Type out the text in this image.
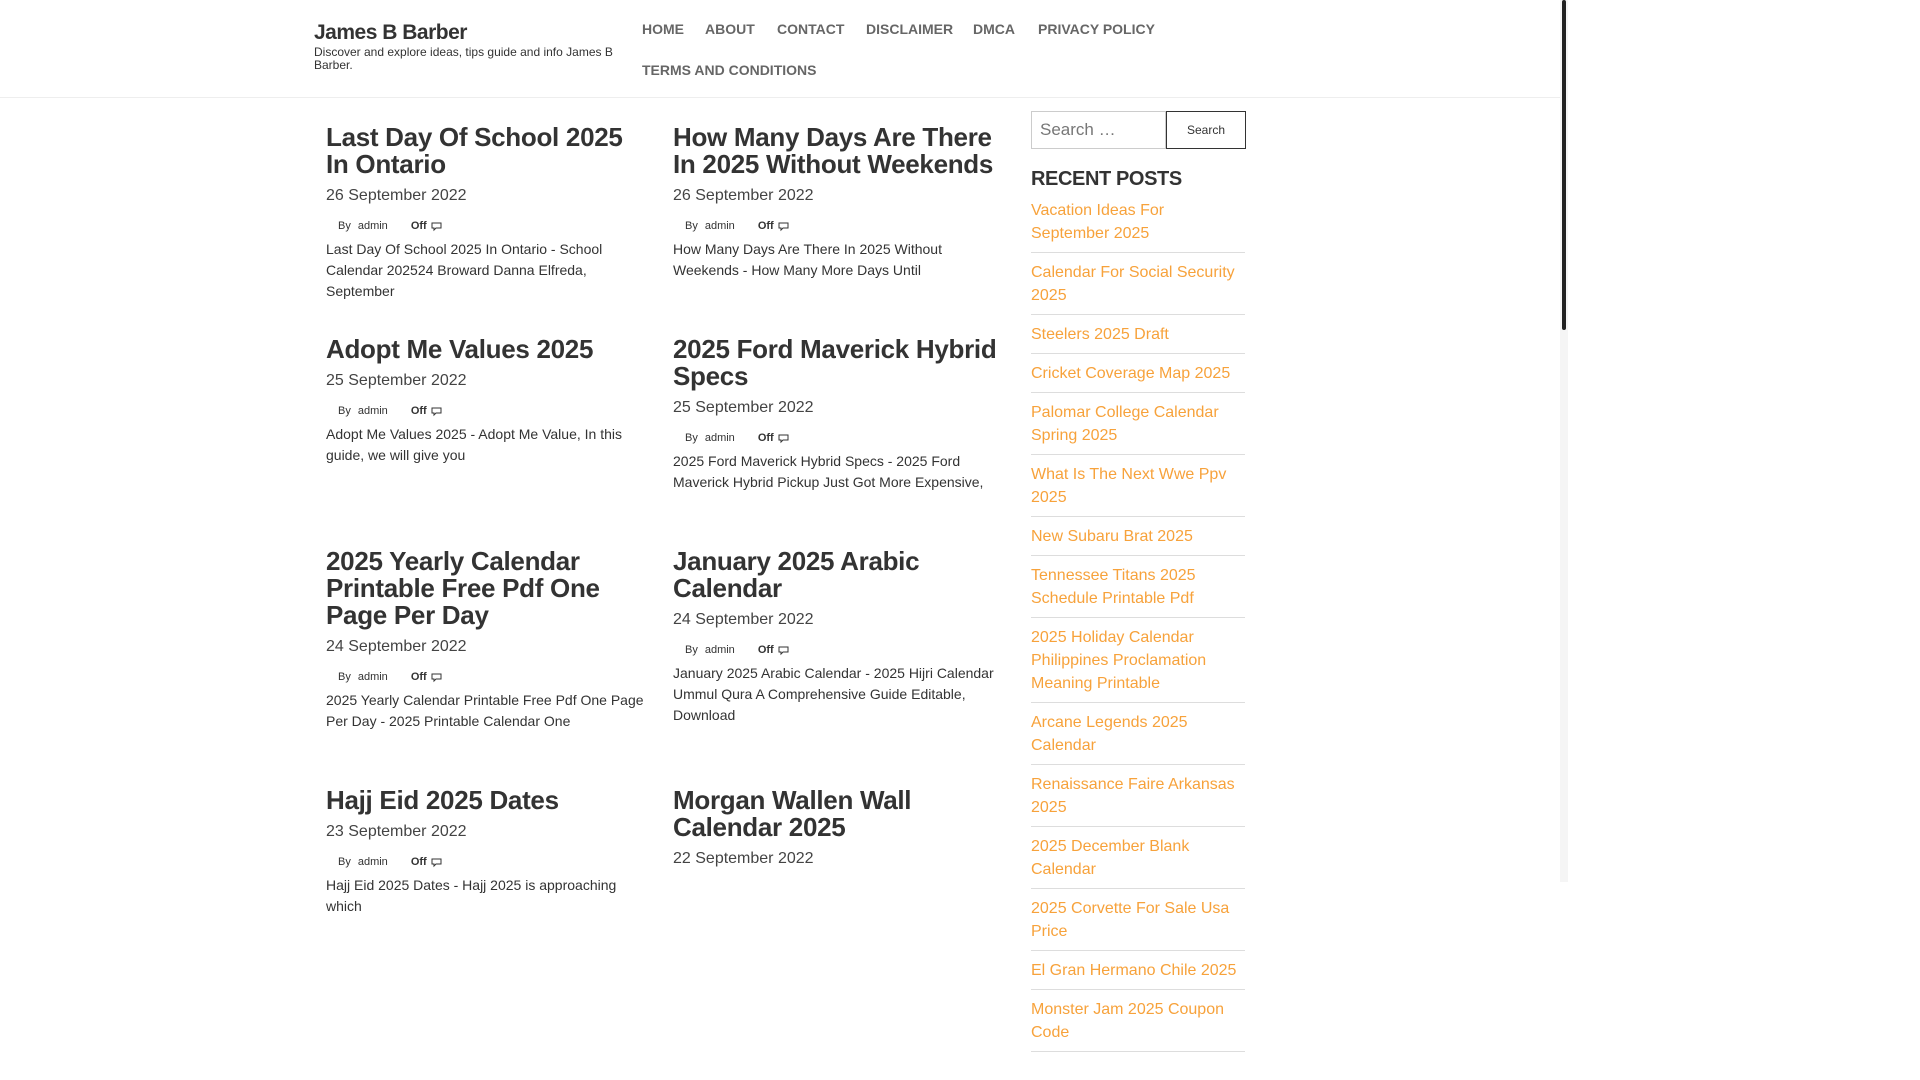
James B Barber
Discover and explore ideas, tips guide and info James B Barber.
HOME ABOUT CONTACT DISCLAIMER DMCA PRIVACY POLICY
TERMS AND CONDITIONS
Last Day Of School 2025 In Ontario
26 September 2022
By admin Off
Last Day Of School 2025 In Ontario - School Calendar 202524 Broward Danna Elfreda, September
How Many Days Are There In 2025 Without Weekends
26 September 2022
By admin Off
How Many Days Are There In 2025 Without Weekends - How Many More Days Until
Adopt Me Values 2025
25 September 2022
By admin Off
Adopt Me Values 2025 - Adopt Me Value, In this guide, we will give you
2025 Ford Maverick Hybrid Specs
25 September 2022
By admin Off
2025 Ford Maverick Hybrid Specs - 2025 Ford Maverick Hybrid Pickup Just Got More Expensive,
2025 Yearly Calendar Printable Free Pdf One Page Per Day
24 September 2022
By admin Off
2025 Yearly Calendar Printable Free Pdf One Page Per Day - 2025 Printable Calendar One
January 2025 Arabic Calendar
24 September 2022
By admin Off
January 2025 Arabic Calendar - 2025 Hijri Calendar Ummul Qura A Comprehensive Guide Editable, Download
Hajj Eid 2025 Dates
23 September 2022
By admin Off
Hajj Eid 2025 Dates - Hajj 2025 is approaching which
Morgan Wallen Wall Calendar 2025
22 September 2022
Search …
Search
RECENT POSTS
Vacation Ideas For September 2025
Calendar For Social Security 2025
Steelers 2025 Draft
Cricket Coverage Map 2025
Palomar College Calendar Spring 2025
What Is The Next Wwe Ppv 2025
New Subaru Brat 2025
Tennessee Titans 2025 Schedule Printable Pdf
2025 Holiday Calendar Philippines Proclamation Meaning Printable
Arcane Legends 2025 Calendar
Renaissance Faire Arkansas 2025
2025 December Blank Calendar
2025 Corvette For Sale Usa Price
El Gran Hermano Chile 2025
Monster Jam 2025 Coupon Code
